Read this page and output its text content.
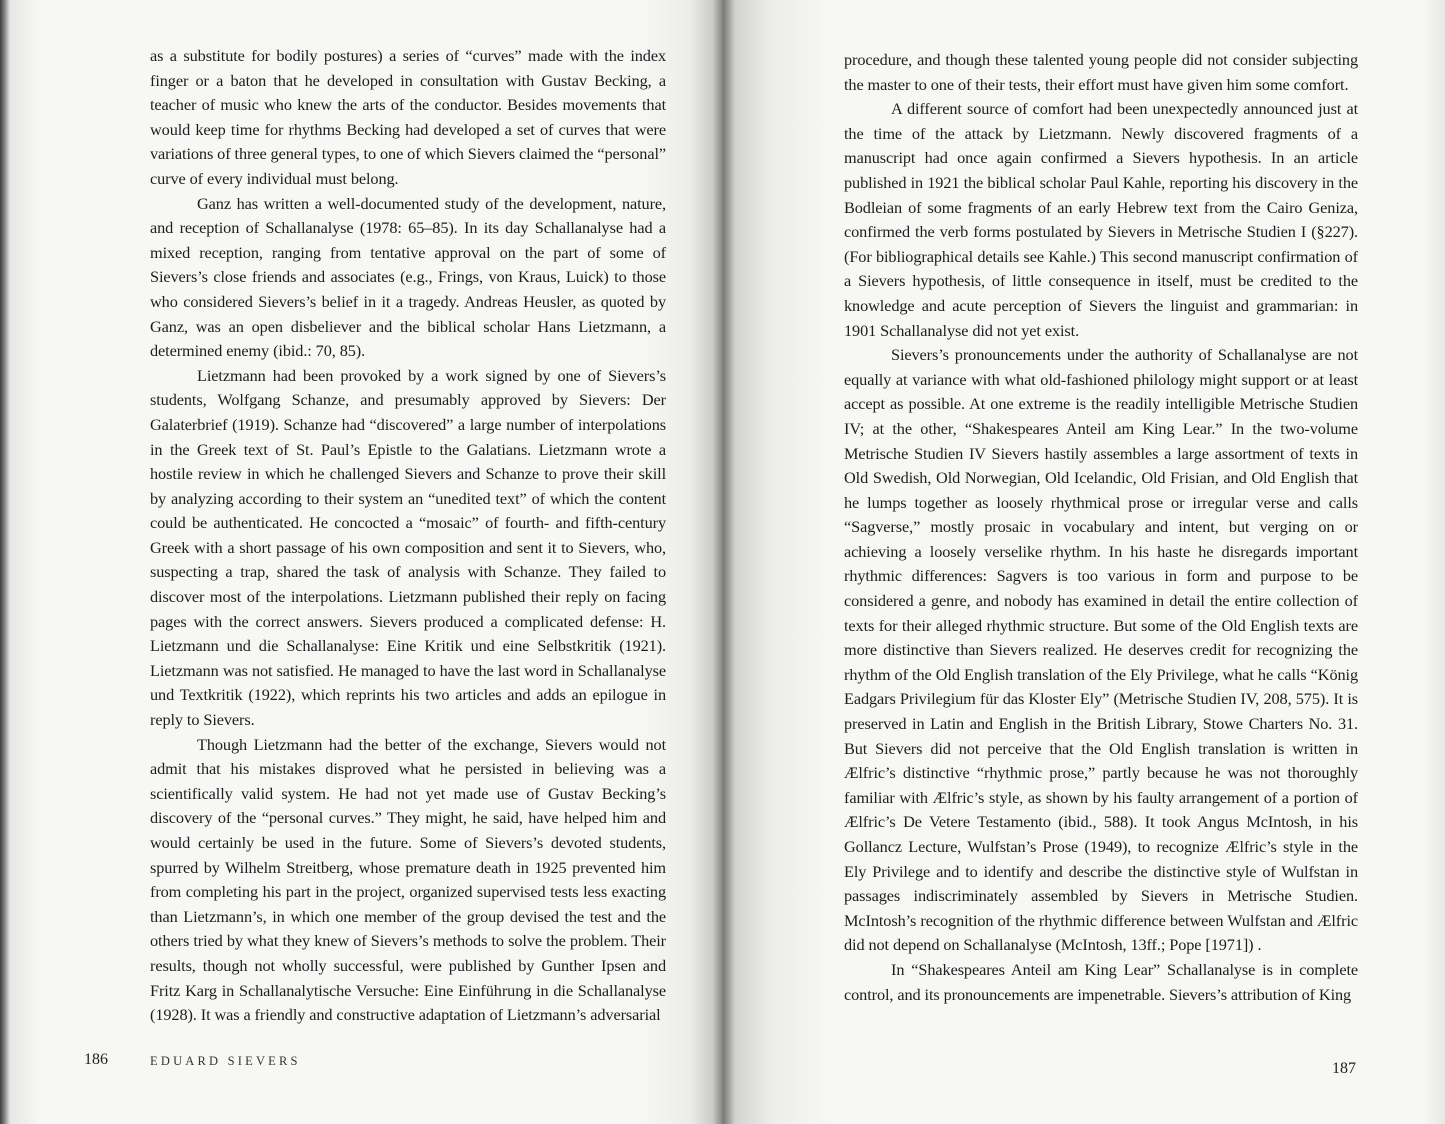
as a substitute for bodily postures) a series of “curves” made with the index finger or a baton that he developed in consultation with Gustav Becking, a teacher of music who knew the arts of the conductor. Besides movements that would keep time for rhythms Becking had developed a set of curves that were variations of three general types, to one of which Sievers claimed the “personal” curve of every individual must belong.

Ganz has written a well-documented study of the development, nature, and reception of Schallanalyse (1978: 65–85). In its day Schallanalyse had a mixed reception, ranging from tentative approval on the part of some of Sievers’s close friends and associates (e.g., Frings, von Kraus, Luick) to those who considered Sievers’s belief in it a tragedy. Andreas Heusler, as quoted by Ganz, was an open disbeliever and the biblical scholar Hans Lietzmann, a determined enemy (ibid.: 70, 85).

Lietzmann had been provoked by a work signed by one of Sievers’s students, Wolfgang Schanze, and presumably approved by Sievers: Der Galaterbrief (1919). Schanze had “discovered” a large number of interpolations in the Greek text of St. Paul’s Epistle to the Galatians. Lietzmann wrote a hostile review in which he challenged Sievers and Schanze to prove their skill by analyzing according to their system an “unedited text” of which the content could be authenticated. He concocted a “mosaic” of fourth- and fifth-century Greek with a short passage of his own composition and sent it to Sievers, who, suspecting a trap, shared the task of analysis with Schanze. They failed to discover most of the interpolations. Lietzmann published their reply on facing pages with the correct answers. Sievers produced a complicated defense: H. Lietzmann und die Schallanalyse: Eine Kritik und eine Selbstkritik (1921). Lietzmann was not satisfied. He managed to have the last word in Schallanalyse und Textkritik (1922), which reprints his two articles and adds an epilogue in reply to Sievers.

Though Lietzmann had the better of the exchange, Sievers would not admit that his mistakes disproved what he persisted in believing was a scientifically valid system. He had not yet made use of Gustav Becking’s discovery of the “personal curves.” They might, he said, have helped him and would certainly be used in the future. Some of Sievers’s devoted students, spurred by Wilhelm Streitberg, whose premature death in 1925 prevented him from completing his part in the project, organized supervised tests less exacting than Lietzmann’s, in which one member of the group devised the test and the others tried by what they knew of Sievers’s methods to solve the problem. Their results, though not wholly successful, were published by Gunther Ipsen and Fritz Karg in Schallanalytische Versuche: Eine Einführung in die Schallanalyse (1928). It was a friendly and constructive adaptation of Lietzmann’s adversarial

186	EDUARD SIEVERS

procedure, and though these talented young people did not consider subjecting the master to one of their tests, their effort must have given him some comfort.

A different source of comfort had been unexpectedly announced just at the time of the attack by Lietzmann. Newly discovered fragments of a manuscript had once again confirmed a Sievers hypothesis. In an article published in 1921 the biblical scholar Paul Kahle, reporting his discovery in the Bodleian of some fragments of an early Hebrew text from the Cairo Geniza, confirmed the verb forms postulated by Sievers in Metrische Studien I (§227). (For bibliographical details see Kahle.) This second manuscript confirmation of a Sievers hypothesis, of little consequence in itself, must be credited to the knowledge and acute perception of Sievers the linguist and grammarian: in 1901 Schallanalyse did not yet exist.

Sievers’s pronouncements under the authority of Schallanalyse are not equally at variance with what old-fashioned philology might support or at least accept as possible. At one extreme is the readily intelligible Metrische Studien IV; at the other, “Shakespeares Anteil am King Lear.” In the two-volume Metrische Studien IV Sievers hastily assembles a large assortment of texts in Old Swedish, Old Norwegian, Old Icelandic, Old Frisian, and Old English that he lumps together as loosely rhythmical prose or irregular verse and calls “Sagverse,” mostly prosaic in vocabulary and intent, but verging on or achieving a loosely verselike rhythm. In his haste he disregards important rhythmic differences: Sagvers is too various in form and purpose to be considered a genre, and nobody has examined in detail the entire collection of texts for their alleged rhythmic structure. But some of the Old English texts are more distinctive than Sievers realized. He deserves credit for recognizing the rhythm of the Old English translation of the Ely Privilege, what he calls “König Eadgars Privilegium für das Kloster Ely” (Metrische Studien IV, 208, 575). It is preserved in Latin and English in the British Library, Stowe Charters No. 31. But Sievers did not perceive that the Old English translation is written in Ælfric’s distinctive “rhythmic prose,” partly because he was not thoroughly familiar with Ælfric’s style, as shown by his faulty arrangement of a portion of Ælfric’s De Vetere Testamento (ibid., 588). It took Angus McIntosh, in his Gollancz Lecture, Wulfstan’s Prose (1949), to recognize Ælfric’s style in the Ely Privilege and to identify and describe the distinctive style of Wulfstan in passages indiscriminately assembled by Sievers in Metrische Studien. McIntosh’s recognition of the rhythmic difference between Wulfstan and Ælfric did not depend on Schallanalyse (McIntosh, 13ff.; Pope [1971]) .

In “Shakespeares Anteil am King Lear” Schallanalyse is in complete control, and its pronouncements are impenetrable. Sievers’s attribution of King

187
